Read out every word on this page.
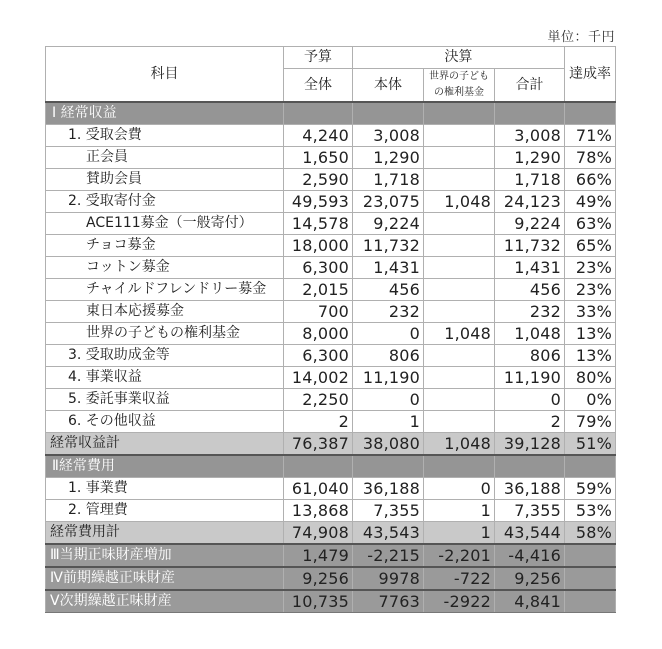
単位：千円
科目	予算	決算			達成率
	全体	本体	世界の子ども
の権利基金	合計	
Ⅰ 経常収益					
1. 受取会費	4,240	3,008		3,008	71%
正会員	1,650	1,290		1,290	78%
賛助会員	2,590	1,718		1,718	66%
2. 受取寄付金	49,593	23,075	1,048	24,123	49%
ACE111募金（一般寄付）	14,578	9,224		9,224	63%
チョコ募金	18,000	11,732		11,732	65%
コットン募金	6,300	1,431		1,431	23%
チャイルドフレンドリー募金	2,015	456		456	23%
東日本応援募金	700	232		232	33%
世界の子どもの権利基金	8,000	0	1,048	1,048	13%
3. 受取助成金等	6,300	806		806	13%
4. 事業収益	14,002	11,190		11,190	80%
5. 委託事業収益	2,250	0		0	0%
6. その他収益	2	1		2	79%
経常収益計	76,387	38,080	1,048	39,128	51%
Ⅱ経常費用					
1. 事業費	61,040	36,188	0	36,188	59%
2. 管理費	13,868	7,355	1	7,355	53%
経常費用計	74,908	43,543	1	43,544	58%
Ⅲ当期正味財産増加	1,479	-2,215	-2,201	-4,416	
Ⅳ前期繰越正味財産	9,256	9978	-722	9,256	
Ⅴ次期繰越正味財産	10,735	7763	-2922	4,841	
